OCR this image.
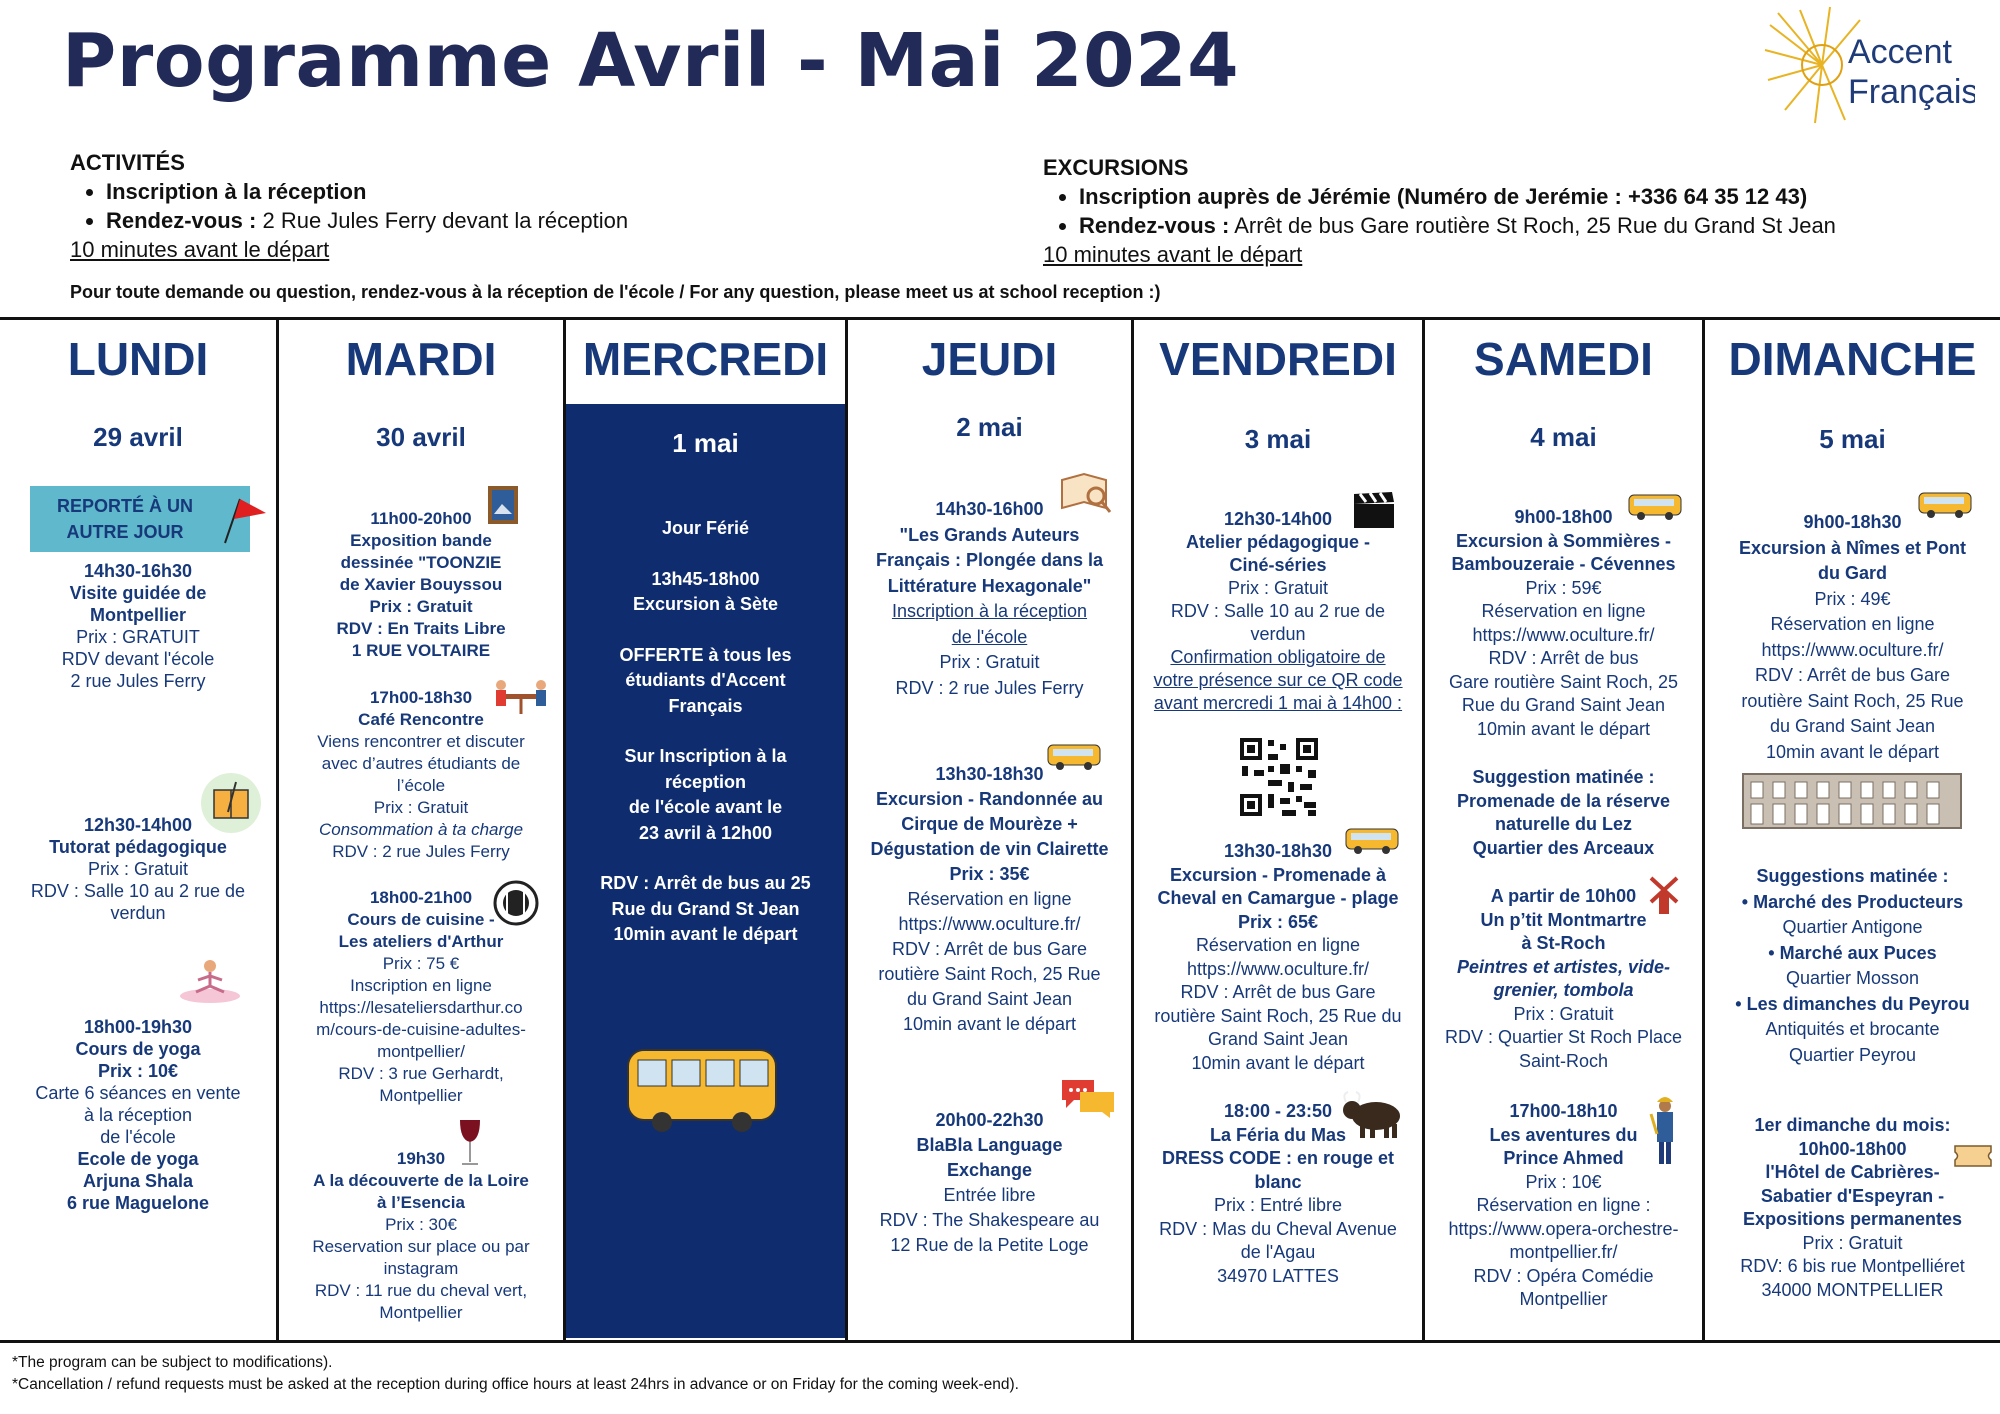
Programme Avril - Mai 2024	Accent
Français
ACTIVITÉS
• Inscription à la réception
• Rendez-vous : 2 Rue Jules Ferry devant la réception
10 minutes avant le départ
EXCURSIONS
• Inscription auprès de Jérémie (Numéro de Jerémie : +336 64 35 12 43)
• Rendez-vous : Arrêt de bus Gare routière St Roch, 25 Rue du Grand St Jean
10 minutes avant le départ
Pour toute demande ou question, rendez-vous à la réception de l'école / For any question, please meet us at school reception :)
LUNDI
29 avril
REPORTÉ À UN
AUTRE JOUR
14h30-16h30
Visite guidée de
Montpellier
Prix : GRATUIT
RDV devant l'école
2 rue Jules Ferry
12h30-14h00
Tutorat pédagogique
Prix : Gratuit
RDV : Salle 10 au 2 rue de
verdun
18h00-19h30
Cours de yoga
Prix : 10€
Carte 6 séances en vente
à la réception
de l'école
Ecole de yoga
Arjuna Shala
6 rue Maguelone
MARDI
30 avril
11h00-20h00
Exposition bande
dessinée "TOONZIE
de Xavier Bouyssou
Prix : Gratuit
RDV : En Traits Libre
1 RUE VOLTAIRE
17h00-18h30
Café Rencontre
Viens rencontrer et discuter
avec d’autres étudiants de
l’école
Prix : Gratuit
Consommation à ta charge
RDV : 2 rue Jules Ferry
18h00-21h00
Cours de cuisine -
Les ateliers d'Arthur
Prix : 75 €
Inscription en ligne
https://lesateliersdarthur.co
m/cours-de-cuisine-adultes-
montpellier/
RDV : 3 rue Gerhardt,
Montpellier
19h30
A la découverte de la Loire
à l’Esencia
Prix : 30€
Reservation sur place ou par
instagram
RDV : 11 rue du cheval vert,
Montpellier
MERCREDI
1 mai
Jour Férié
13h45-18h00
Excursion à Sète
OFFERTE à tous les
étudiants d'Accent
Français
Sur Inscription à la
réception
de l'école avant le
23 avril à 12h00
RDV : Arrêt de bus au 25
Rue du Grand St Jean
10min avant le départ
JEUDI
2 mai
14h30-16h00
"Les Grands Auteurs
Français : Plongée dans la
Littérature Hexagonale"
Inscription à la réception
de l'école
Prix : Gratuit
RDV : 2 rue Jules Ferry
13h30-18h30
Excursion - Randonnée au
Cirque de Mourèze +
Dégustation de vin Clairette
Prix : 35€
Réservation en ligne
https://www.oculture.fr/
RDV : Arrêt de bus Gare
routière Saint Roch, 25 Rue
du Grand Saint Jean
10min avant le départ
20h00-22h30
BlaBla Language
Exchange
Entrée libre
RDV : The Shakespeare au
12 Rue de la Petite Loge
VENDREDI
3 mai
12h30-14h00
Atelier pédagogique -
Ciné-séries
Prix : Gratuit
RDV : Salle 10 au 2 rue de
verdun
Confirmation obligatoire de
votre présence sur ce QR code
avant mercredi 1 mai à 14h00 :
13h30-18h30
Excursion - Promenade à
Cheval en Camargue - plage
Prix : 65€
Réservation en ligne
https://www.oculture.fr/
RDV : Arrêt de bus Gare
routière Saint Roch, 25 Rue du
Grand Saint Jean
10min avant le départ
18:00 - 23:50
La Féria du Mas
DRESS CODE : en rouge et
blanc
Prix : Entré libre
RDV : Mas du Cheval Avenue
de l'Agau
34970 LATTES
SAMEDI
4 mai
9h00-18h00
Excursion à Sommières -
Bambouzeraie - Cévennes
Prix : 59€
Réservation en ligne
https://www.oculture.fr/
RDV : Arrêt de bus
Gare routière Saint Roch, 25
Rue du Grand Saint Jean
10min avant le départ
Suggestion matinée :
Promenade de la réserve
naturelle du Lez
Quartier des Arceaux
A partir de 10h00
Un p’tit Montmartre
à St-Roch
Peintres et artistes, vide-
grenier, tombola
Prix : Gratuit
RDV : Quartier St Roch Place
Saint-Roch
17h00-18h10
Les aventures du
Prince Ahmed
Prix : 10€
Réservation en ligne :
https://www.opera-orchestre-
montpellier.fr/
RDV : Opéra Comédie
Montpellier
DIMANCHE
5 mai
9h00-18h30
Excursion à Nîmes et Pont
du Gard
Prix : 49€
Réservation en ligne
https://www.oculture.fr/
RDV : Arrêt de bus Gare
routière Saint Roch, 25 Rue
du Grand Saint Jean
10min avant le départ
Suggestions matinée :
• Marché des Producteurs
Quartier Antigone
• Marché aux Puces
Quartier Mosson
• Les dimanches du Peyrou
Antiquités et brocante
Quartier Peyrou
1er dimanche du mois:
10h00-18h00
l'Hôtel de Cabrières-
Sabatier d'Espeyran -
Expositions permanentes
Prix : Gratuit
RDV: 6 bis rue Montpelliéret
34000 MONTPELLIER
*The program can be subject to modifications).
*Cancellation / refund requests must be asked at the reception during office hours at least 24hrs in advance or on Friday for the coming week-end).
